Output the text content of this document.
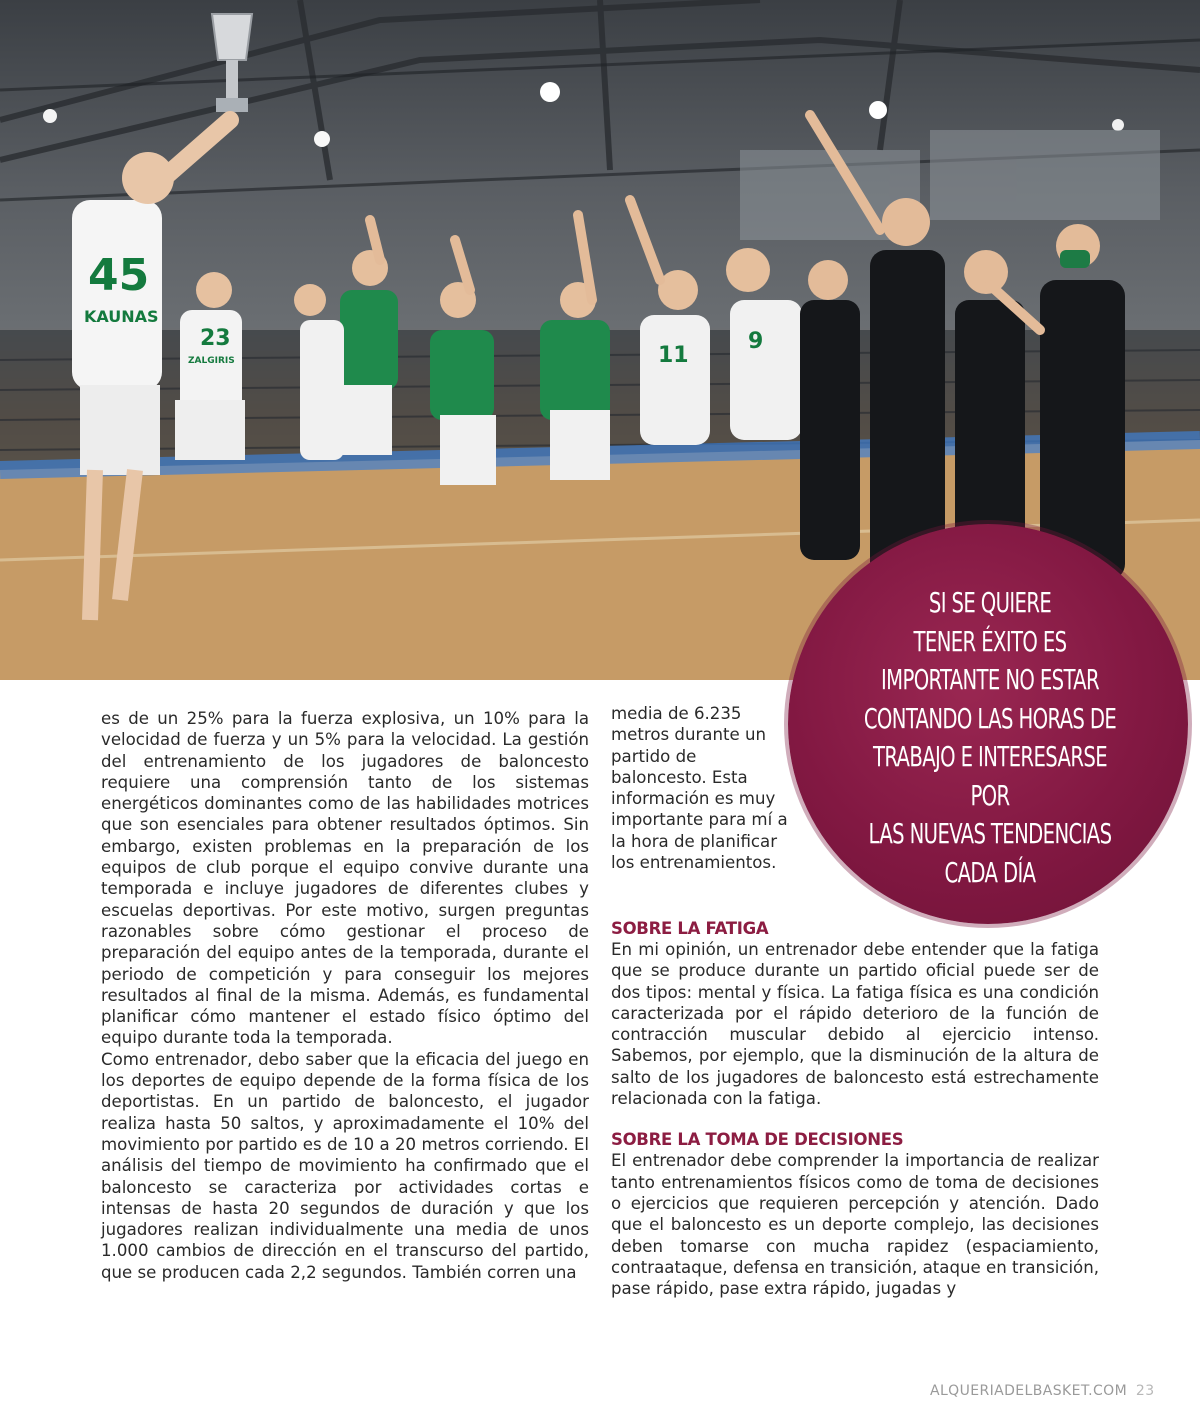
45
KAUNAS
23
ZALGIRIS	11
9
SI SE QUIERE
TENER ÉXITO ES
IMPORTANTE NO ESTAR
CONTANDO LAS HORAS DE
TRABAJO E INTERESARSE POR
LAS NUEVAS TENDENCIAS
CADA DÍA

es de un 25% para la fuerza explosiva, un 10% para la velocidad de fuerza y un 5% para la velocidad. La gestión del entrenamiento de los jugadores de baloncesto requiere una comprensión tanto de los sistemas energéticos dominantes como de las habilidades motrices que son esenciales para obtener resultados óptimos. Sin embargo, existen problemas en la preparación de los equipos de club porque el equipo convive durante una temporada e incluye jugadores de diferentes clubes y escuelas deportivas. Por este motivo, surgen preguntas razonables sobre cómo gestionar el proceso de preparación del equipo antes de la temporada, durante el periodo de competición y para conseguir los mejores resultados al final de la misma. Además, es fundamental planificar cómo mantener el estado físico óptimo del equipo durante toda la temporada.

Como entrenador, debo saber que la eficacia del juego en los deportes de equipo depende de la forma física de los deportistas. En un partido de baloncesto, el jugador realiza hasta 50 saltos, y aproximadamente el 10% del movimiento por partido es de 10 a 20 metros corriendo. El análisis del tiempo de movimiento ha confirmado que el baloncesto se caracteriza por actividades cortas e intensas de hasta 20 segundos de duración y que los jugadores realizan individualmente una media de unos 1.000 cambios de dirección en el transcurso del partido, que se producen cada 2,2 segundos. También corren una

media de 6.235 metros durante un partido de baloncesto. Esta información es muy importante para mí a la hora de planificar los entrenamientos.

SOBRE LA FATIGA

En mi opinión, un entrenador debe entender que la fatiga que se produce durante un partido oficial puede ser de dos tipos: mental y física. La fatiga física es una condición caracterizada por el rápido deterioro de la función de contracción muscular debido al ejercicio intenso. Sabemos, por ejemplo, que la disminución de la altura de salto de los jugadores de baloncesto está estrechamente relacionada con la fatiga.

SOBRE LA TOMA DE DECISIONES

El entrenador debe comprender la importancia de realizar tanto entrenamientos físicos como de toma de decisiones o ejercicios que requieren percepción y atención. Dado que el baloncesto es un deporte complejo, las decisiones deben tomarse con mucha rapidez (espaciamiento, contraataque, defensa en transición, ataque en transición, pase rápido, pase extra rápido, jugadas y

ALQUERIADELBASKET.COM 23
